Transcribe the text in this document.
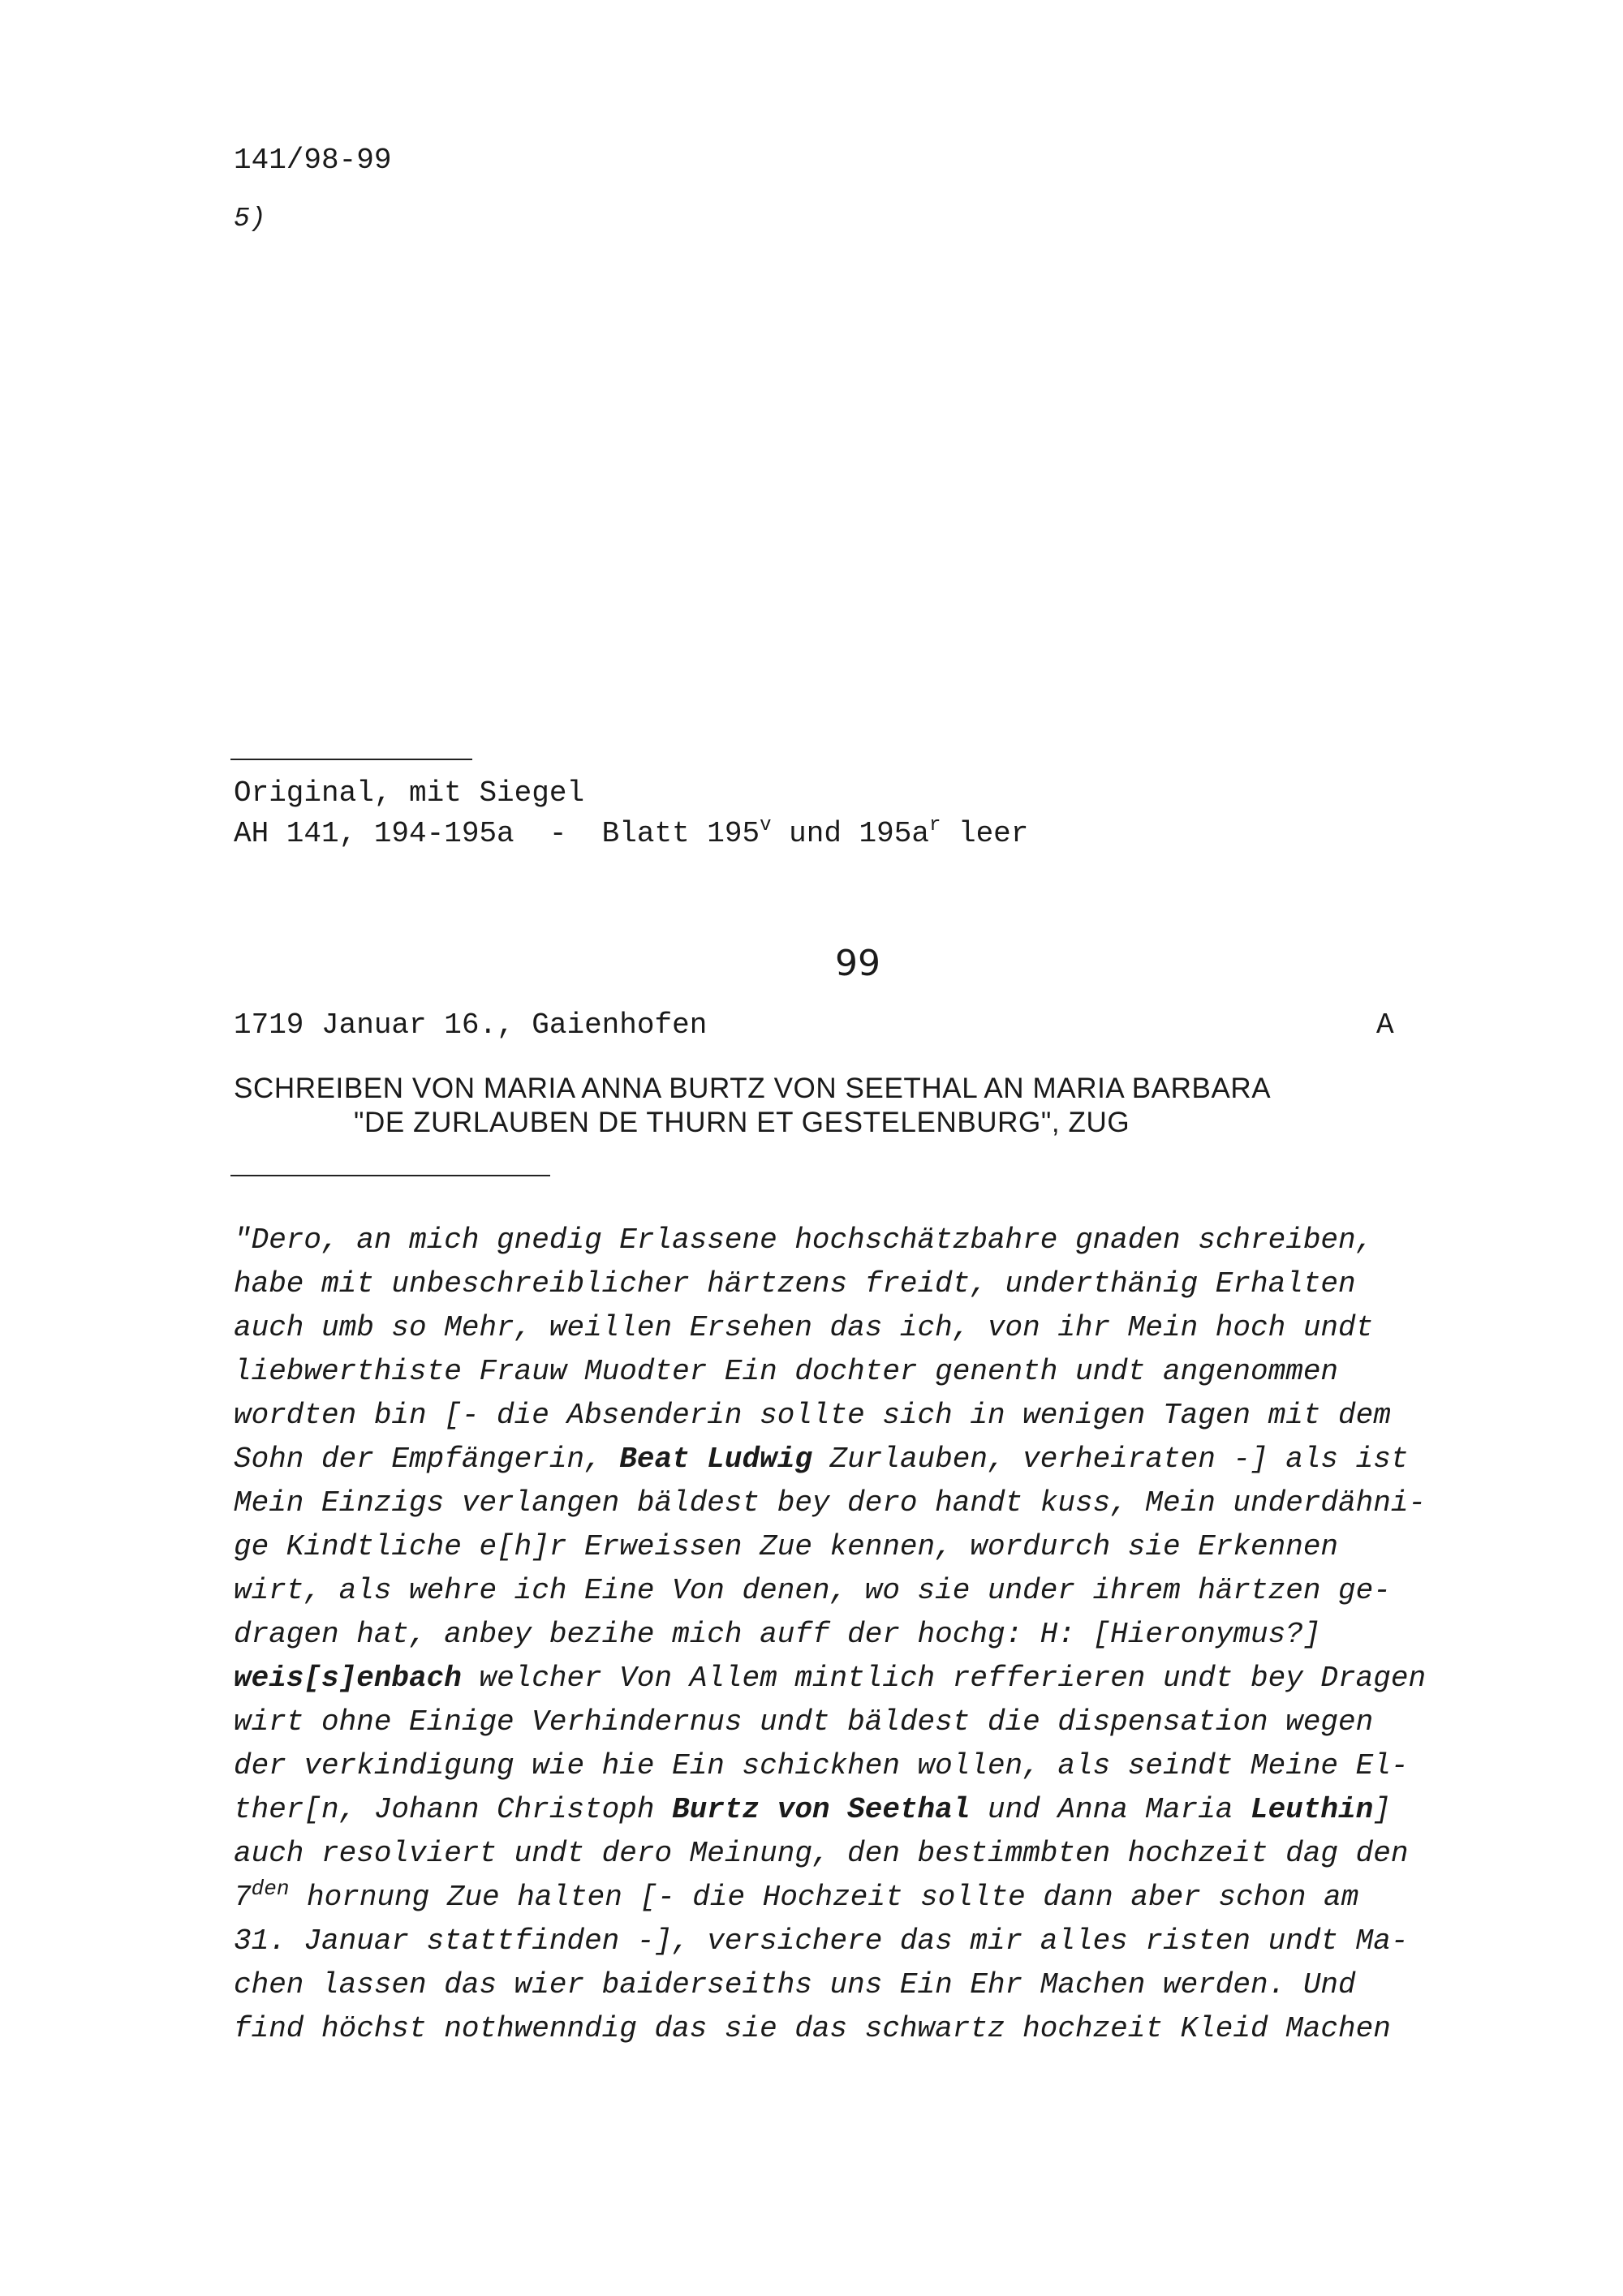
141/98-99
5)
Original, mit Siegel
AH 141, 194-195a  -  Blatt 195$^v$ und $195a^r$ leer
99
1719 Januar 16., Gaienhofen	A
SCHREIBEN VON MARIA ANNA BURTZ VON SEETHAL AN MARIA BARBARA
"DE ZURLAUBEN DE THURN ET GESTELENBURG", ZUG
"Dero, an mich gnedig Erlassene hochschätzbahre gnaden schreiben,
habe mit unbeschreiblicher härtzens freidt, underthänig Erhalten
auch umb so Mehr, weillen Ersehen das ich, von ihr Mein hoch undt
liebwerthiste Frauw Muodter Ein dochter genenth undt angenommen
wordten bin [- die Absenderin sollte sich in wenigen Tagen mit dem
Sohn der Empfängerin, Beat Ludwig Zurlauben, verheiraten -] als ist
Mein Einzigs verlangen bäldest bey dero handt kuss, Mein underdähni-
ge Kindtliche e[h]r Erweissen Zue kennen, wordurch sie Erkennen
wirt, als wehre ich Eine Von denen, wo sie under ihrem härtzen ge-
dragen hat, anbey bezihe mich auff der hochg: H: [Hieronymus?]
weis[s]enbach welcher Von Allem mintlich refferieren undt bey Dragen
wirt ohne Einige Verhindernus undt bäldest die dispensation wegen
der verkindigung wie hie Ein schickhen wollen, als seindt Meine El-
ther[n, Johann Christoph Burtz von Seethal und Anna Maria Leuthin]
auch resolviert undt dero Meinung, den bestimmbten hochzeit dag den
$7^{den}$ hornung Zue halten [- die Hochzeit sollte dann aber schon am
31. Januar stattfinden -], versichere das mir alles risten undt Ma-
chen lassen das wier baiderseiths uns Ein Ehr Machen werden. Und
find höchst nothwenndig das sie das schwartz hochzeit Kleid Machen
